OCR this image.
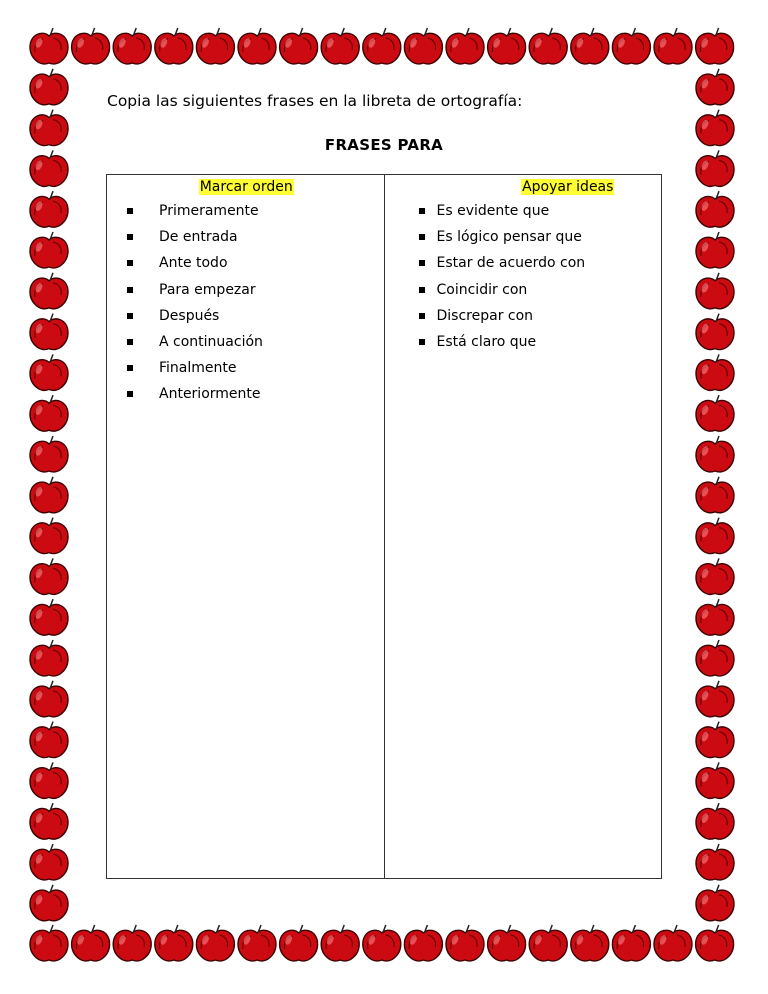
Copia las siguientes frases en la libreta de ortografía:
FRASES PARA
Marcar orden
Primeramente
De entrada
Ante todo
Para empezar
Después
A continuación
Finalmente
Anteriormente
Apoyar ideas
Es evidente que
Es lógico pensar que
Estar de acuerdo con
Coincidir con
Discrepar con
Está claro que
